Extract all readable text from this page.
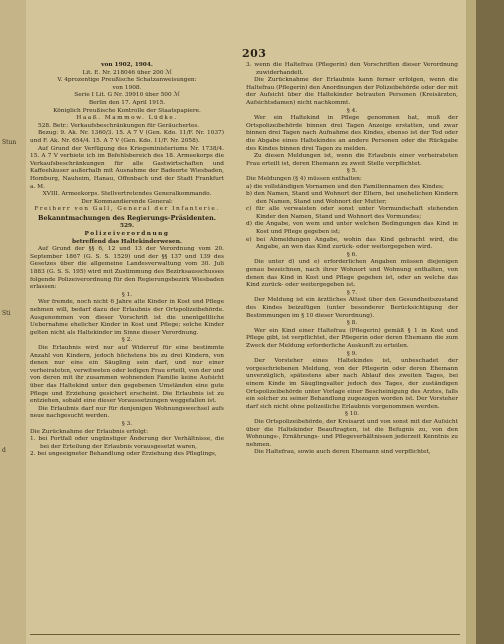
Stun
Sti
d
203
von 1902, 1904.
Lit. E. Nr. 218046 über 200 ℳ
V. 4prozentige Preußische Schatzanweisungen:
von 1908.
Serie I Lit. G Nr. 39910 über 500 ℳ
Berlin den 17. April 1915.
Königlich Preußische Kontrolle der Staatspapiere.
Haaß. Mammow. Lüdke.
528. Betr.: Verkaufsbeschränkungen für Geräuchertes.
Bezug: 9. Ak. Nr. 1360/3. 15. A 7 V (Gen. Kdo. 11/F. Nr. 1037) und F. Ak. Nr. 654/4. 15. A 7 V (Gen. Kdo. 11/F. Nr. 2058).
Auf Grund der Verfügung des Kriegsministeriums Nr. 1738/4. 15. A 7 V verbiete ich im Befehlsbereich des 18. Armeekorps die Verkaufsbeschränkungen für alle Gastwirtschaften und Kaffeehäuser außerhalb mit Ausnahme der Badeorte Wiesbaden, Homburg, Nauheim, Hanau, Offenbach und der Stadt Frankfurt a. M.
XVIII. Armeekorps. Stellvertretendes Generalkommando.
Der Kommandierende General:
Freiherr von Gall, General der Infanterie.
Bekanntmachungen des Regierungs-Präsidenten.
529.
Polizeiverordnung
betreffend das Haltekinderwesen.
Auf Grund der §§ 6, 12 und 13 der Verordnung vom 20. September 1867 (G. S. S. 1529) und der §§ 137 und 139 des Gesetzes über die allgemeine Landesverwaltung vom 30. Juli 1883 (G. S. S. 195) wird mit Zustimmung des Bezirksausschusses folgende Polizeiverordnung für den Regierungsbezirk Wiesbaden erlassen:
§ 1.
Wer fremde, noch nicht 6 Jahre alte Kinder in Kost und Pflege nehmen will, bedarf dazu der Erlaubnis der Ortspolizeibehörde. Ausgenommen von dieser Vorschrift ist die unentgeltliche Uebernahme ehelicher Kinder in Kost und Pflege; solche Kinder gelten nicht als Haltekinder im Sinne dieser Verordnung.
§ 2.
Die Erlaubnis wird nur auf Widerruf für eine bestimmte Anzahl von Kindern, jedoch höchstens bis zu drei Kindern, von denen nur eins ein Säugling sein darf, und nur einer verheirateten, verwitweten oder ledigen Frau erteilt, von der und von deren mit ihr zusammen wohnenden Familie keine Aufsicht über das Haltekind unter den gegebenen Umständen eine gute Pflege und Erziehung gesichert erscheint. Die Erlaubnis ist zu entziehen, sobald eine dieser Voraussetzungen weggefallen ist.
Die Erlaubnis darf nur für denjenigen Wohnungswechsel aufs neue nachgesucht werden.
§ 3.
Die Zurücknahme der Erlaubnis erfolgt:
1. bei Fortfall oder ungünstiger Änderung der Verhältnisse, die bei der Erteilung der Erlaubnis vorausgesetzt waren,
2. bei ungeeigneter Behandlung oder Erziehung des Pfleglings,
3. wenn die Haltefrau (Pflegerin) den Vorschriften dieser Verordnung zuwiderhandelt.
Die Zurücknahme der Erlaubnis kann ferner erfolgen, wenn die Haltefrau (Pflegerin) den Anordnungen der Polizeibehörde oder der mit der Aufsicht über die Haltekinder betrauten Personen (Kreisärzten, Aufsichtsdamen) nicht nachkommt.
§ 4.
Wer ein Haltekind in Pflege genommen hat, muß der Ortspolizeibehörde binnen drei Tagen Anzeige erstatten, und zwar binnen drei Tagen nach Aufnahme des Kindes, ebenso ist der Tod oder die Abgabe eines Haltekindes an andere Personen oder die Rückgabe des Kindes binnen drei Tagen zu melden.
Zu diesen Meldungen ist, wenn die Erlaubnis einer verheirateten Frau erteilt ist, deren Ehemann zu zweit Stelle verpflichtet.
§ 5.
Die Meldungen (§ 4) müssen enthalten:
a) die vollständigen Vornamen und den Familiennamen des Kindes;
b) den Namen, Stand und Wohnort der Eltern, bei unehelichen Kindern den Namen, Stand und Wohnort der Mutter;
c) für alle verwaisten oder sonst unter Vormundschaft stehenden Kinder den Namen, Stand und Wohnort des Vormundes;
d) die Angabe, von wem und unter welchen Bedingungen das Kind in Kost und Pflege gegeben ist;
e) bei Abmeldungen Angabe, wohin das Kind gebracht wird, die Angabe, an wen das Kind zurück- oder weitergegeben wird.
§ 6.
Die unter d) und e) erforderlichen Angaben müssen diejenigen genau bezeichnen, nach ihrer Wohnort und Wohnung enthalten, von denen das Kind in Kost und Pflege gegeben ist, oder an welche das Kind zurück- oder weitergegeben ist.
§ 7.
Der Meldung ist ein ärztliches Attest über den Gesundheitszustand des Kindes beizufügen (unter besonderer Berücksichtigung der Bestimmungen im § 10 dieser Verordnung).
§ 8.
Wer ein Kind einer Haltefrau (Pflegerin) gemäß § 1 in Kost und Pflege gibt, ist verpflichtet, der Pflegerin oder deren Ehemann die zum Zweck der Meldung erforderliche Auskunft zu erteilen.
§ 9.
Der Vorsteher eines Haltekindes ist, unbeschadet der vorgeschriebenen Meldung, von der Pflegerin oder deren Ehemann unverzüglich, spätestens aber nach Ablauf des zweiten Tages, bei einem Kinde im Säuglingsalter jedoch des Tages, der zuständigen Ortspolizeibehörde unter Vorlage einer Bescheinigung des Arztes, falls ein solcher zu seiner Behandlung zugezogen worden ist. Der Vorsteher darf sich nicht ohne polizeiliche Erlaubnis vorgenommen werden.
§ 10.
Die Ortspolizeibehörde, der Kreisarzt und von sonst mit der Aufsicht über die Haltekinder Beauftragten, ist die Befugnis zu, von den Wohnungs-, Ernährungs- und Pflegeverhältnissen jederzeit Kenntnis zu nehmen.
Die Haltefrau, sowie auch deren Ehemann sind verpflichtet,
